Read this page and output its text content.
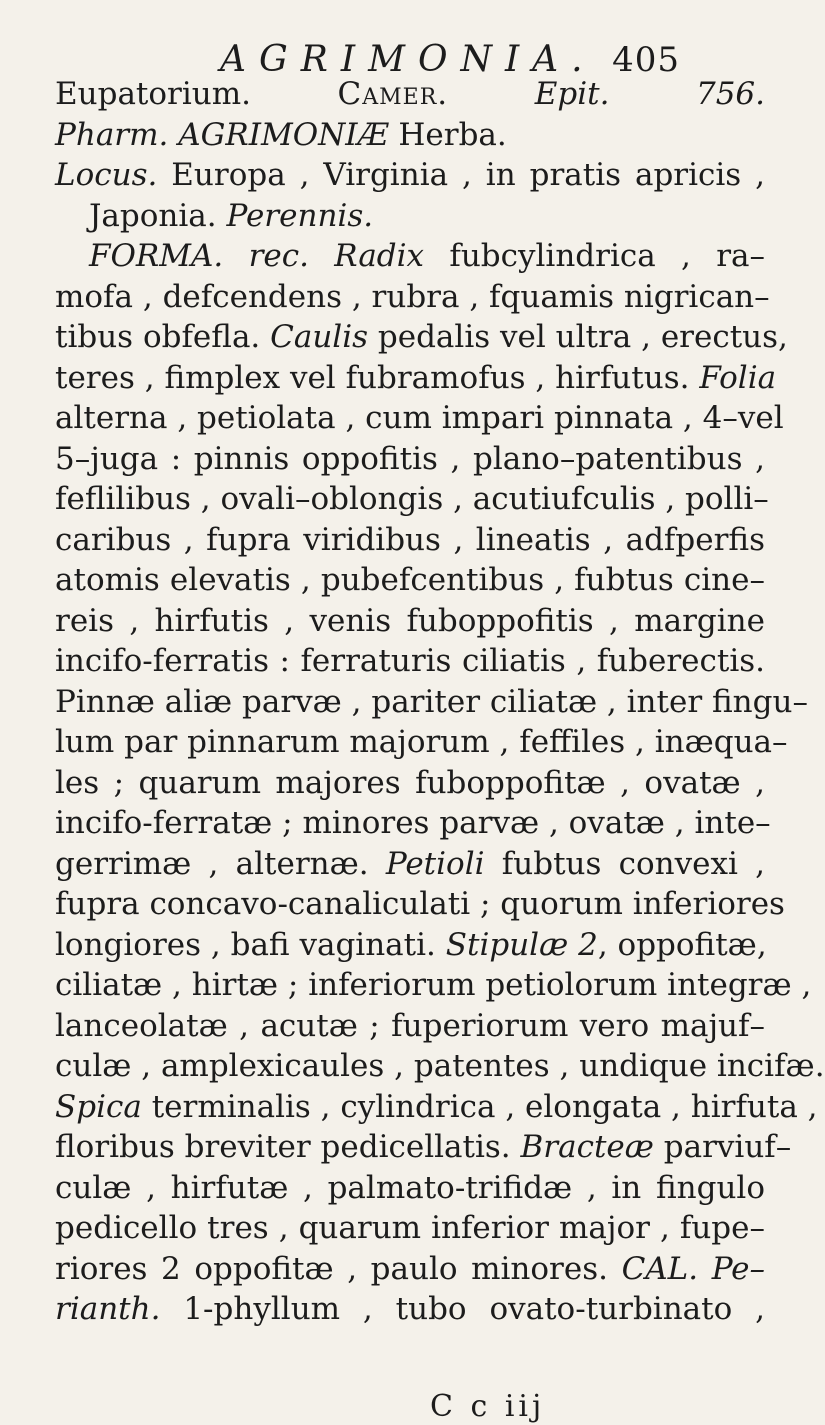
AGRIMONIA. 405
Eupatorium. Camer.	Epit.	756.
Pharm. AGRIMONIÆ Herba.
Locus. Europa , Virginia , in pratis apricis ,
Japonia. Perennis.
FORMA. rec. Radix fubcylindrica , ra–
mofa , defcendens , rubra , fquamis nigrican–
tibus obfefla. Caulis pedalis vel ultra , erectus,
teres , fimplex vel fubramofus , hirfutus. Folia
alterna , petiolata , cum impari pinnata , 4–vel
5–juga : pinnis oppofitis , plano–patentibus ,
feflilibus , ovali–oblongis , acutiufculis , polli–
caribus , fupra viridibus , lineatis , adfperfis
atomis elevatis , pubefcentibus , fubtus cine–
reis , hirfutis , venis fuboppofitis , margine
incifo-ferratis : ferraturis ciliatis , fuberectis.
Pinnæ aliæ parvæ , pariter ciliatæ , inter fingu–
lum par pinnarum majorum , feffiles , inæqua–
les ; quarum majores fuboppofitæ , ovatæ ,
incifo-ferratæ ; minores parvæ , ovatæ , inte–
gerrimæ , alternæ. Petioli fubtus convexi ,
fupra concavo-canaliculati ; quorum inferiores
longiores , bafi vaginati. Stipulæ 2, oppofitæ,
ciliatæ , hirtæ ; inferiorum petiolorum integræ ,
lanceolatæ , acutæ ; fuperiorum vero majuf–
culæ , amplexicaules , patentes , undique incifæ.
Spica terminalis , cylindrica , elongata , hirfuta ,
floribus breviter pedicellatis. Bracteæ parviuf–
culæ , hirfutæ , palmato-trifidæ , in fingulo
pedicello tres , quarum inferior major , fupe–
riores 2 oppofitæ , paulo minores. CAL. Pe–
rianth. 1-phyllum , tubo ovato-turbinato ,
C c iij
